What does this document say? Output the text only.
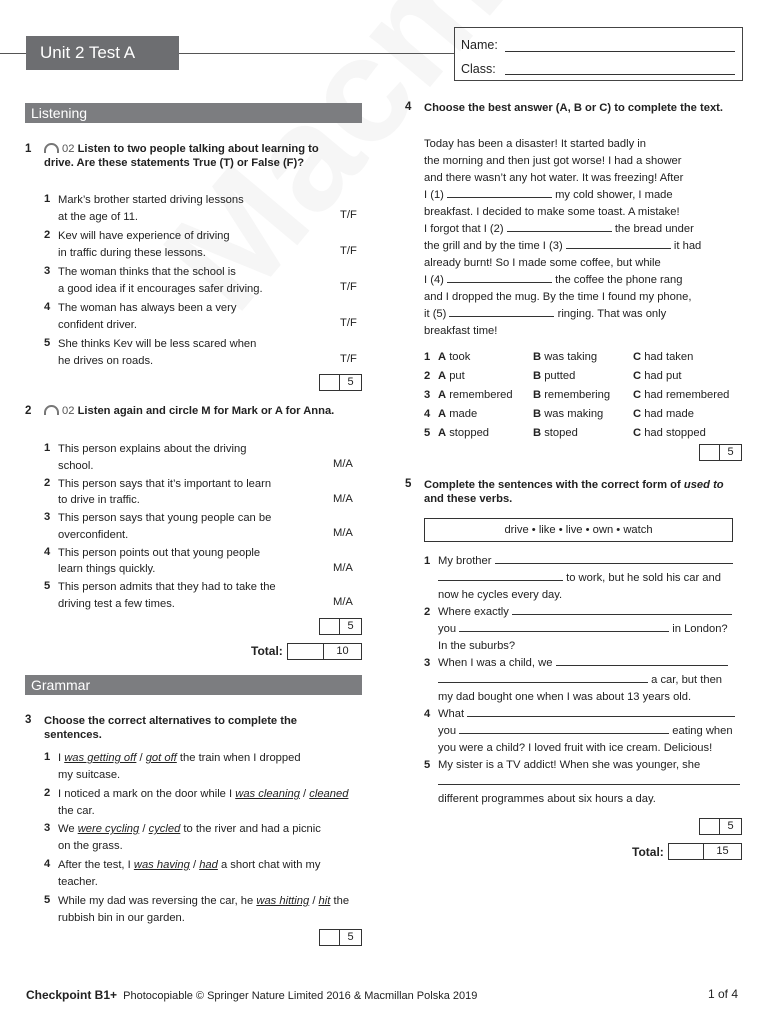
Unit 2 Test A	Name:
Class:
Listening
1	02 Listen to two people talking about learning to drive. Are these statements True (T) or False (F)?
1 Mark’s brother started driving lessons
at the age of 11.	T/F
2 Kev will have experience of driving
in traffic during these lessons.	T/F
3 The woman thinks that the school is
a good idea if it encourages safer driving.	T/F
4 The woman has always been a very
confident driver.	T/F
5 She thinks Kev will be less scared when
he drives on roads.	T/F
5
2	02 Listen again and circle M for Mark or A for Anna.
1 This person explains about the driving
school.	M/A
2 This person says that it’s important to learn
to drive in traffic.	M/A
3 This person says that young people can be
overconfident.	M/A
4 This person points out that young people
learn things quickly.	M/A
5 This person admits that they had to take the
driving test a few times.	M/A
5
Total:	10
Grammar
3 Choose the correct alternatives to complete the sentences.
1 I was getting off / got off the train when I dropped
my suitcase.
2 I noticed a mark on the door while I was cleaning / cleaned the car.
3 We were cycling / cycled to the river and had a picnic
on the grass.
4 After the test, I was having / had a short chat with my
teacher.
5 While my dad was reversing the car, he was hitting / hit the rubbish bin in our garden.
5
4 Choose the best answer (A, B or C) to complete the text.
Today has been a disaster! It started badly in
the morning and then just got worse! I had a shower
and there wasn’t any hot water. It was freezing! After
I (1)	my cold shower, I made
breakfast. I decided to make some toast. A mistake!
I forgot that I (2)	the bread under
the grill and by the time I (3)	it had
already burnt! So I made some coffee, but while
I (4)	the coffee the phone rang
and I dropped the mug. By the time I found my phone,
it (5)	ringing. That was only
breakfast time!
1 A took	B was taking	C had taken
2 A put	B putted	C had put
3 A remembered B remembering C had remembered
4 A made	B was making	C had made
5 A stopped	B stoped	C had stopped
5
5 Complete the sentences with the correct form of used to and these verbs.
drive • like • live • own • watch
1 My brother
to work, but he sold his car and
now he cycles every day.
2 Where exactly
you	in London?
In the suburbs?
3 When I was a child, we
a car, but then
my dad bought one when I was about 13 years old.
4 What
you	eating when
you were a child? I loved fruit with ice cream. Delicious!
5 My sister is a TV addict! When she was younger, she
different programmes about six hours a day.
5
Total:	15
Checkpoint B1+ Photocopiable © Springer Nature Limited 2016 & Macmillan Polska 2019	1 of 4
